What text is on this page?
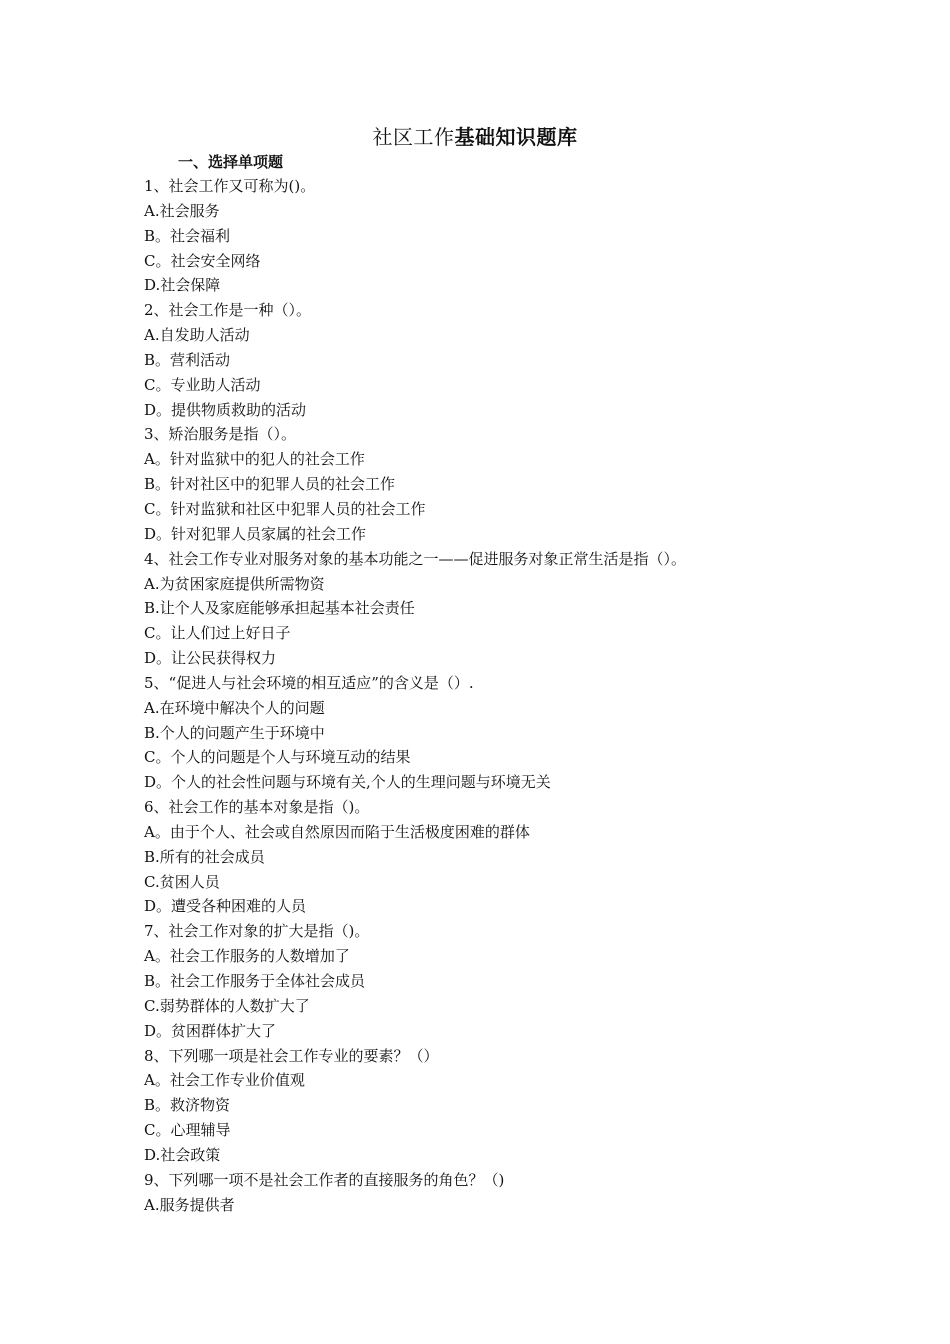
社区工作基础知识题库
一、选择单项题
1、社会工作又可称为()。
A.社会服务
B。社会福利
C。社会安全网络
D.社会保障
2、社会工作是一种（）。
A.自发助人活动
B。营利活动
C。专业助人活动
D。提供物质救助的活动
3、矫治服务是指（）。
A。针对监狱中的犯人的社会工作
B。针对社区中的犯罪人员的社会工作
C。针对监狱和社区中犯罪人员的社会工作
D。针对犯罪人员家属的社会工作
4、社会工作专业对服务对象的基本功能之一——促进服务对象正常生活是指（）。
A.为贫困家庭提供所需物资
B.让个人及家庭能够承担起基本社会责任
C。让人们过上好日子
D。让公民获得权力
5、“促进人与社会环境的相互适应”的含义是（）.
A.在环境中解决个人的问题
B.个人的问题产生于环境中
C。个人的问题是个人与环境互动的结果
D。个人的社会性问题与环境有关,个人的生理问题与环境无关
6、社会工作的基本对象是指（)。
A。由于个人、社会或自然原因而陷于生活极度困难的群体
B.所有的社会成员
C.贫困人员
D。遭受各种困难的人员
7、社会工作对象的扩大是指（)。
A。社会工作服务的人数增加了
B。社会工作服务于全体社会成员
C.弱势群体的人数扩大了
D。贫困群体扩大了
8、下列哪一项是社会工作专业的要素？（）
A。社会工作专业价值观
B。救济物资
C。心理辅导
D.社会政策
9、下列哪一项不是社会工作者的直接服务的角色？（)
A.服务提供者
